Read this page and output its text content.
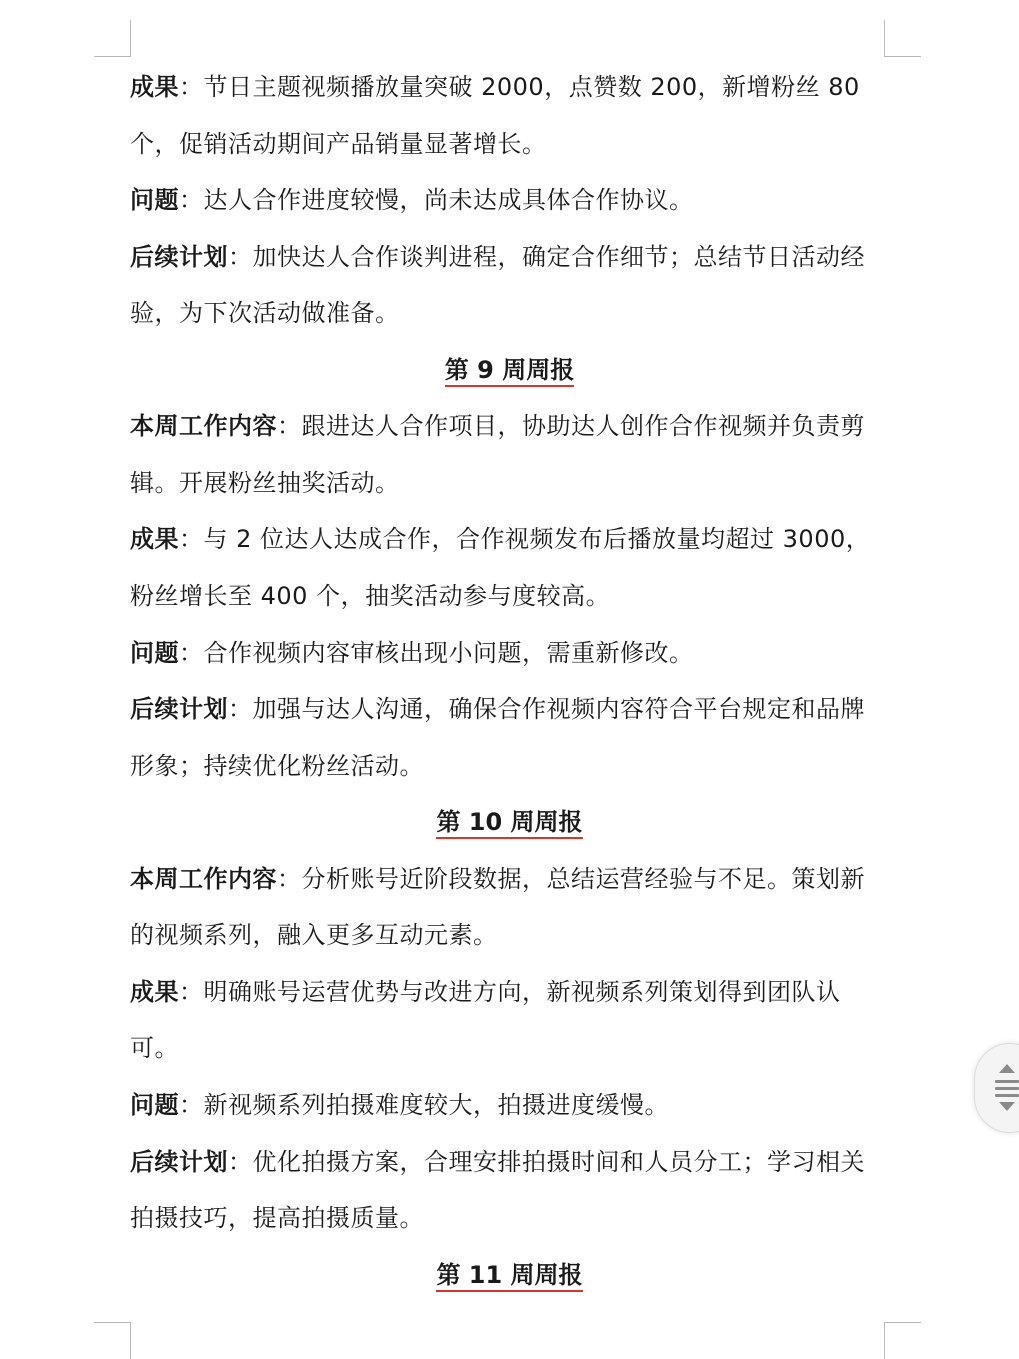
成果：节日主题视频播放量突破 2000，点赞数 200，新增粉丝 80
个，促销活动期间产品销量显著增长。
问题：达人合作进度较慢，尚未达成具体合作协议。
后续计划：加快达人合作谈判进程，确定合作细节；总结节日活动经
验，为下次活动做准备。
第 9 周周报
本周工作内容：跟进达人合作项目，协助达人创作合作视频并负责剪
辑。开展粉丝抽奖活动。
成果：与 2 位达人达成合作，合作视频发布后播放量均超过 3000，
粉丝增长至 400 个，抽奖活动参与度较高。
问题：合作视频内容审核出现小问题，需重新修改。
后续计划：加强与达人沟通，确保合作视频内容符合平台规定和品牌
形象；持续优化粉丝活动。
第 10 周周报
本周工作内容：分析账号近阶段数据，总结运营经验与不足。策划新
的视频系列，融入更多互动元素。
成果：明确账号运营优势与改进方向，新视频系列策划得到团队认
可。
问题：新视频系列拍摄难度较大，拍摄进度缓慢。
后续计划：优化拍摄方案，合理安排拍摄时间和人员分工；学习相关
拍摄技巧，提高拍摄质量。
第 11 周周报
